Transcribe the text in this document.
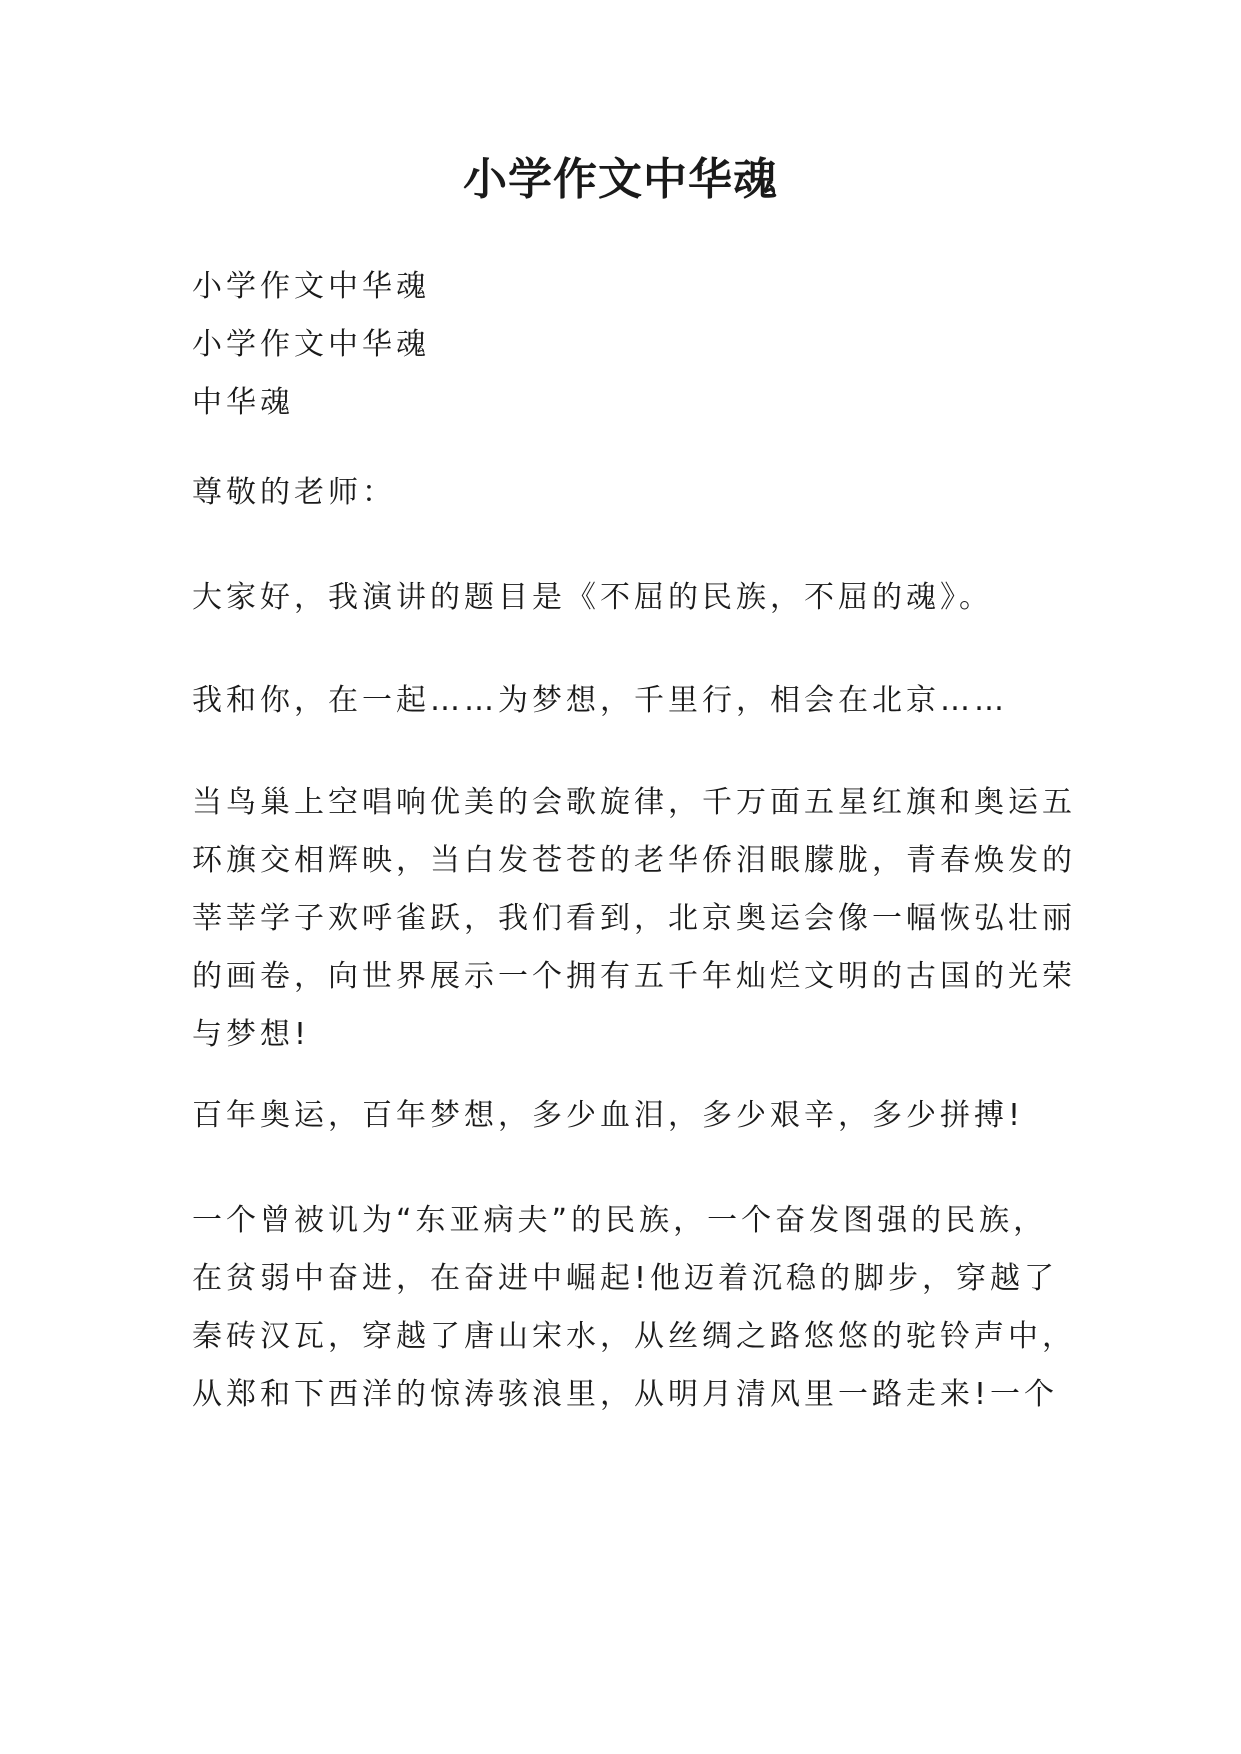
小学作文中华魂
小学作文中华魂
小学作文中华魂
中华魂
尊敬的老师：
大家好，我演讲的题目是《不屈的民族，不屈的魂》。
我和你，在一起……为梦想，千里行，相会在北京……
当鸟巢上空唱响优美的会歌旋律，千万面五星红旗和奥运五
环旗交相辉映，当白发苍苍的老华侨泪眼朦胧，青春焕发的
莘莘学子欢呼雀跃，我们看到，北京奥运会像一幅恢弘壮丽
的画卷，向世界展示一个拥有五千年灿烂文明的古国的光荣
与梦想!
百年奥运，百年梦想，多少血泪，多少艰辛，多少拼搏!
一个曾被讥为“东亚病夫”的民族，一个奋发图强的民族，
在贫弱中奋进，在奋进中崛起!他迈着沉稳的脚步，穿越了
秦砖汉瓦，穿越了唐山宋水，从丝绸之路悠悠的驼铃声中，
从郑和下西洋的惊涛骇浪里，从明月清风里一路走来!一个
